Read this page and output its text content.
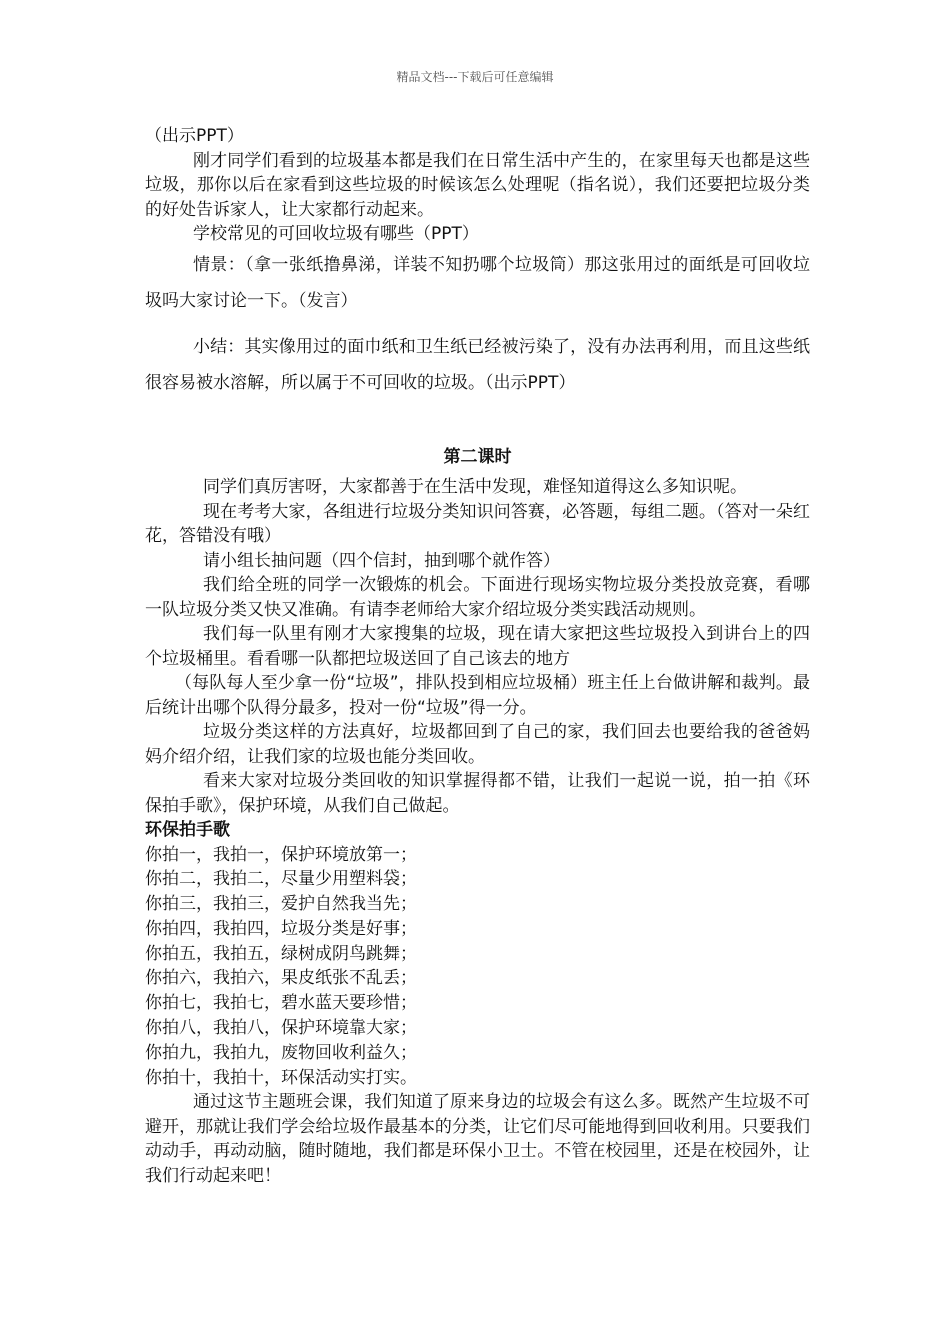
精品文档---下载后可任意编辑

（出示PPT）

刚才同学们看到的垃圾基本都是我们在日常生活中产生的，在家里每天也都是这些垃圾，那你以后在家看到这些垃圾的时候该怎么处理呢（指名说），我们还要把垃圾分类的好处告诉家人，让大家都行动起来。

学校常见的可回收垃圾有哪些（PPT）

情景：（拿一张纸撸鼻涕，详装不知扔哪个垃圾筒）那这张用过的面纸是可回收垃圾吗大家讨论一下。（发言）

小结：其实像用过的面巾纸和卫生纸已经被污染了，没有办法再利用，而且这些纸很容易被水溶解，所以属于不可回收的垃圾。（出示PPT）

第二课时

同学们真厉害呀，大家都善于在生活中发现，难怪知道得这么多知识呢。

现在考考大家，各组进行垃圾分类知识问答赛，必答题，每组二题。（答对一朵红花，答错没有哦）

请小组长抽问题（四个信封，抽到哪个就作答）

我们给全班的同学一次锻炼的机会。下面进行现场实物垃圾分类投放竞赛，看哪一队垃圾分类又快又准确。有请李老师给大家介绍垃圾分类实践活动规则。

我们每一队里有刚才大家搜集的垃圾，现在请大家把这些垃圾投入到讲台上的四个垃圾桶里。看看哪一队都把垃圾送回了自己该去的地方

（每队每人至少拿一份“垃圾”，排队投到相应垃圾桶）班主任上台做讲解和裁判。最后统计出哪个队得分最多，投对一份“垃圾”得一分。

垃圾分类这样的方法真好，垃圾都回到了自己的家，我们回去也要给我的爸爸妈妈介绍介绍，让我们家的垃圾也能分类回收。

看来大家对垃圾分类回收的知识掌握得都不错，让我们一起说一说，拍一拍《环保拍手歌》，保护环境，从我们自己做起。

环保拍手歌

你拍一，我拍一，保护环境放第一；
你拍二，我拍二，尽量少用塑料袋；
你拍三，我拍三，爱护自然我当先；
你拍四，我拍四，垃圾分类是好事；
你拍五，我拍五，绿树成阴鸟跳舞；
你拍六，我拍六，果皮纸张不乱丢；
你拍七，我拍七，碧水蓝天要珍惜；
你拍八，我拍八，保护环境靠大家；
你拍九，我拍九，废物回收利益久；
你拍十，我拍十，环保活动实打实。

通过这节主题班会课，我们知道了原来身边的垃圾会有这么多。既然产生垃圾不可避开，那就让我们学会给垃圾作最基本的分类，让它们尽可能地得到回收利用。只要我们动动手，再动动脑，随时随地，我们都是环保小卫士。不管在校园里，还是在校园外，让我们行动起来吧！
